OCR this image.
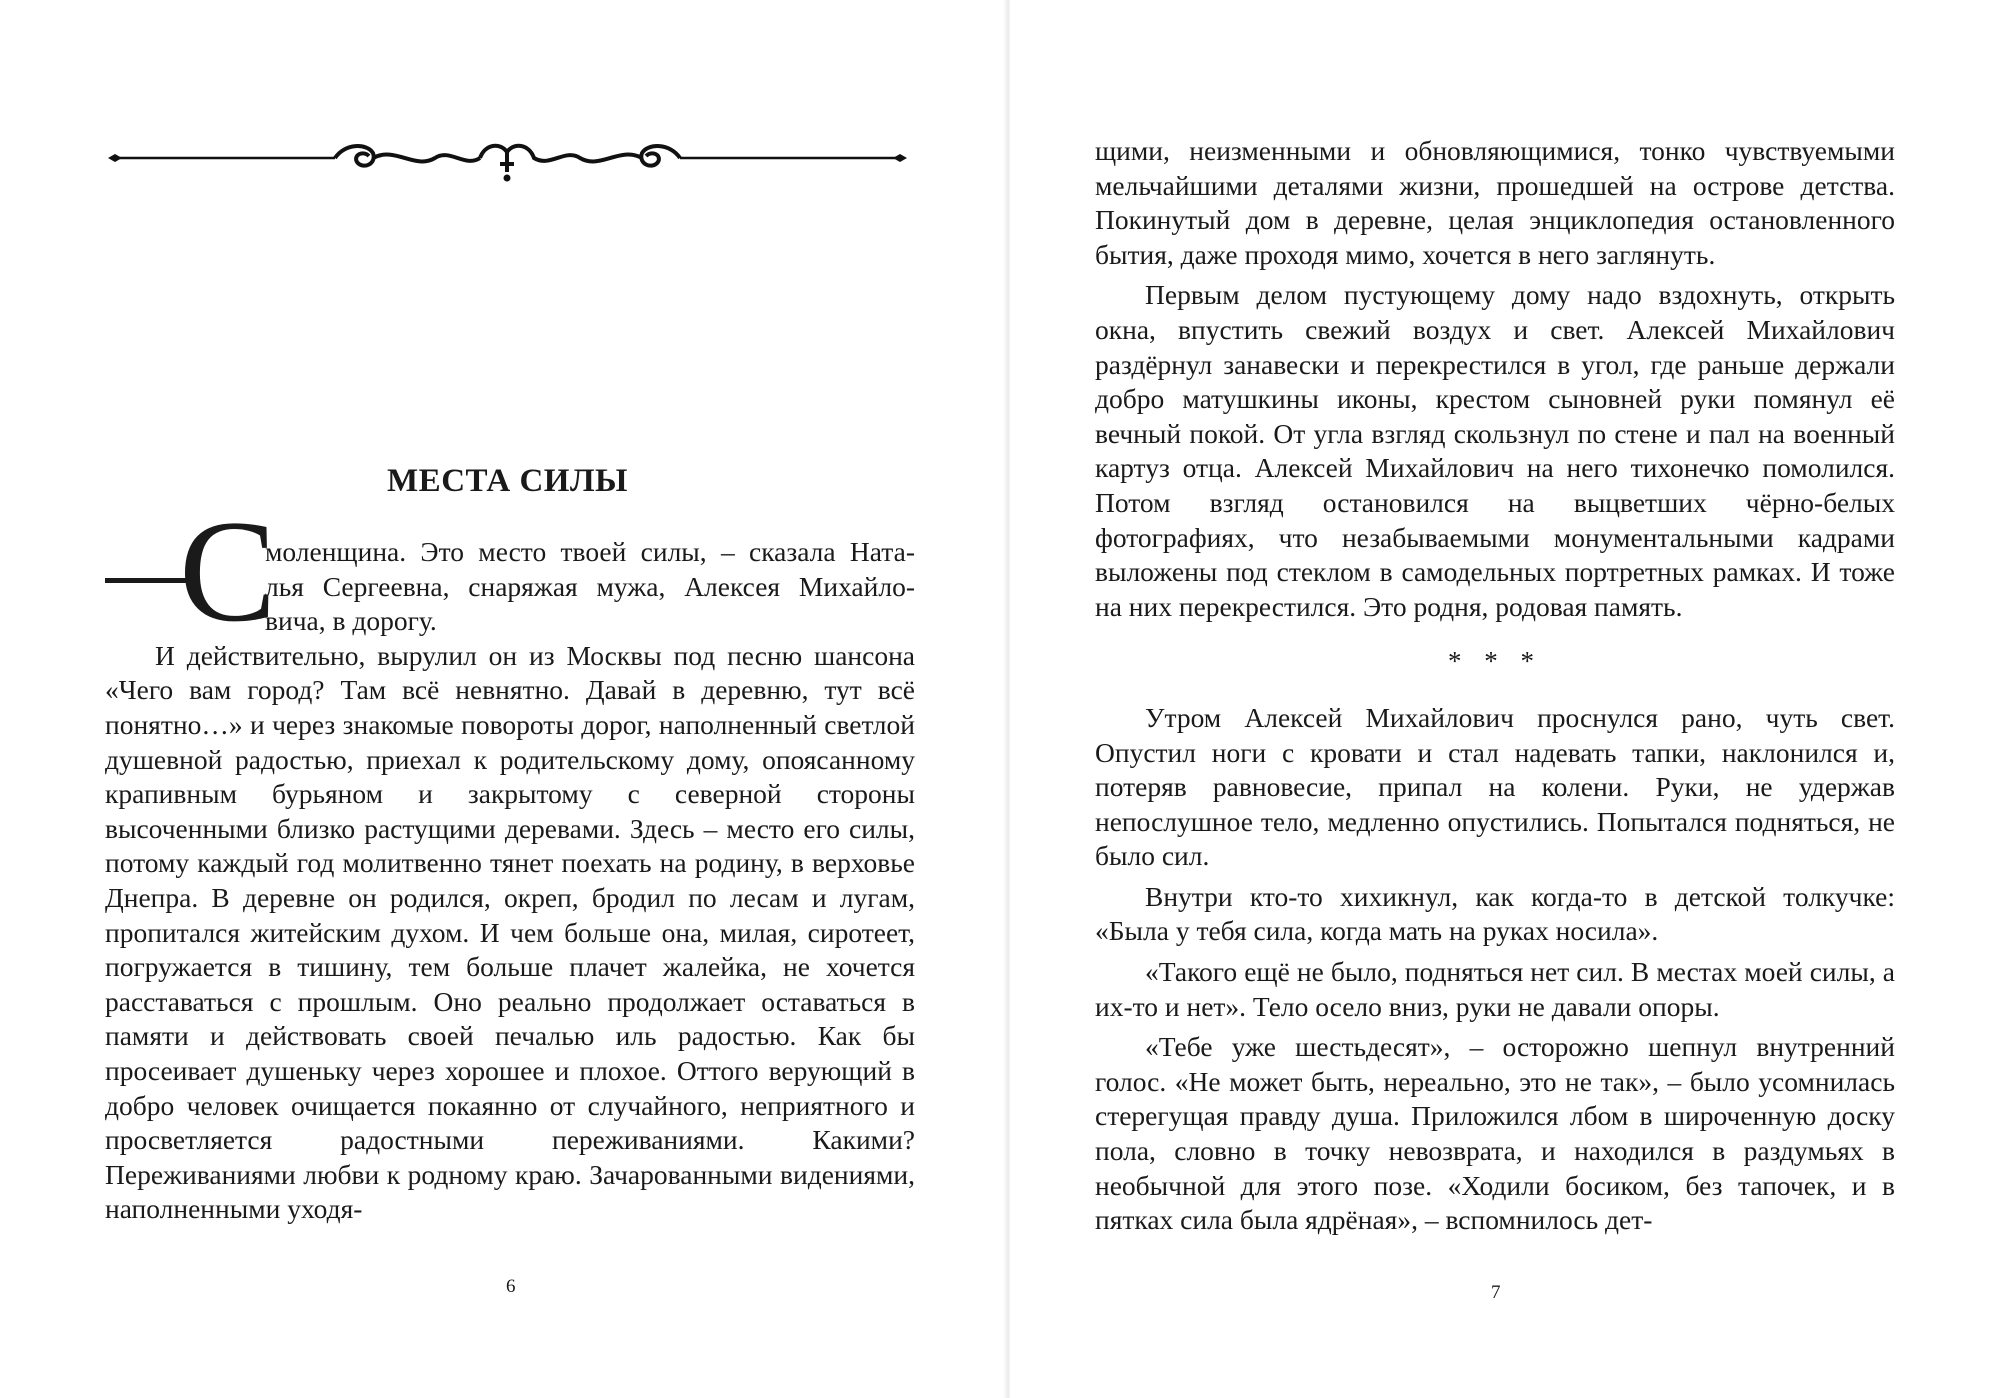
МЕСТА СИЛЫ
С

моленщина. Это место твоей силы, – сказала Ната-

лья Сергеевна, снаряжая мужа, Алексея Михайло-

вича, в дорогу.

И действительно, вырулил он из Москвы под песню шансона «Чего вам город? Там всё невнятно. Давай в деревню, тут всё понятно…» и через знакомые повороты дорог, наполненный светлой душевной радостью, приехал к родительскому дому, опоясанному крапивным бурьяном и закрытому с северной стороны высоченными близко растущими деревами. Здесь – место его силы, потому каждый год молитвенно тянет поехать на родину, в верховье Днепра. В деревне он родился, окреп, бродил по лесам и лугам, пропитался житейским духом. И чем больше она, милая, сиротеет, погружается в тишину, тем больше плачет жалейка, не хочется расставаться с прошлым. Оно реально продолжает оставаться в памяти и действовать своей печалью иль радостью. Как бы просеивает душеньку через хорошее и плохое. Оттого верующий в добро человек очищается покаянно от случайного, неприятного и просветляется радостными переживаниями. Какими? Переживаниями любви к родному краю. Зачарованными видениями, наполненными уходя-

6

щими, неизменными и обновляющимися, тонко чувствуемыми мельчайшими деталями жизни, прошедшей на острове детства. Покинутый дом в деревне, целая энциклопедия остановленного бытия, даже проходя мимо, хочется в него заглянуть.

Первым делом пустующему дому надо вздохнуть, открыть окна, впустить свежий воздух и свет. Алексей Михайлович раздёрнул занавески и перекрестился в угол, где раньше держали добро матушкины иконы, крестом сыновней руки помянул её вечный покой. От угла взгляд скользнул по стене и пал на военный картуз отца. Алексей Михайлович на него тихонечко помолился. Потом взгляд остановился на выцветших чёрно-белых фотографиях, что незабываемыми монументальными кадрами выложены под стеклом в самодельных портретных рамках. И тоже на них перекрестился. Это родня, родовая память.

* * *

Утром Алексей Михайлович проснулся рано, чуть свет. Опустил ноги с кровати и стал надевать тапки, наклонился и, потеряв равновесие, припал на колени. Руки, не удержав непослушное тело, медленно опустились. Попытался подняться, не было сил.

Внутри кто-то хихикнул, как когда-то в детской толкучке: «Была у тебя сила, когда мать на руках носила».

«Такого ещё не было, подняться нет сил. В местах моей силы, а их-то и нет». Тело осело вниз, руки не давали опоры.

«Тебе уже шестьдесят», – осторожно шепнул внутренний голос. «Не может быть, нереально, это не так», – было усомнилась стерегущая правду душа. Приложился лбом в широченную доску пола, словно в точку невозврата, и находился в раздумьях в необычной для этого позе. «Ходили босиком, без тапочек, и в пятках сила была ядрёная», – вспомнилось дет-

7
